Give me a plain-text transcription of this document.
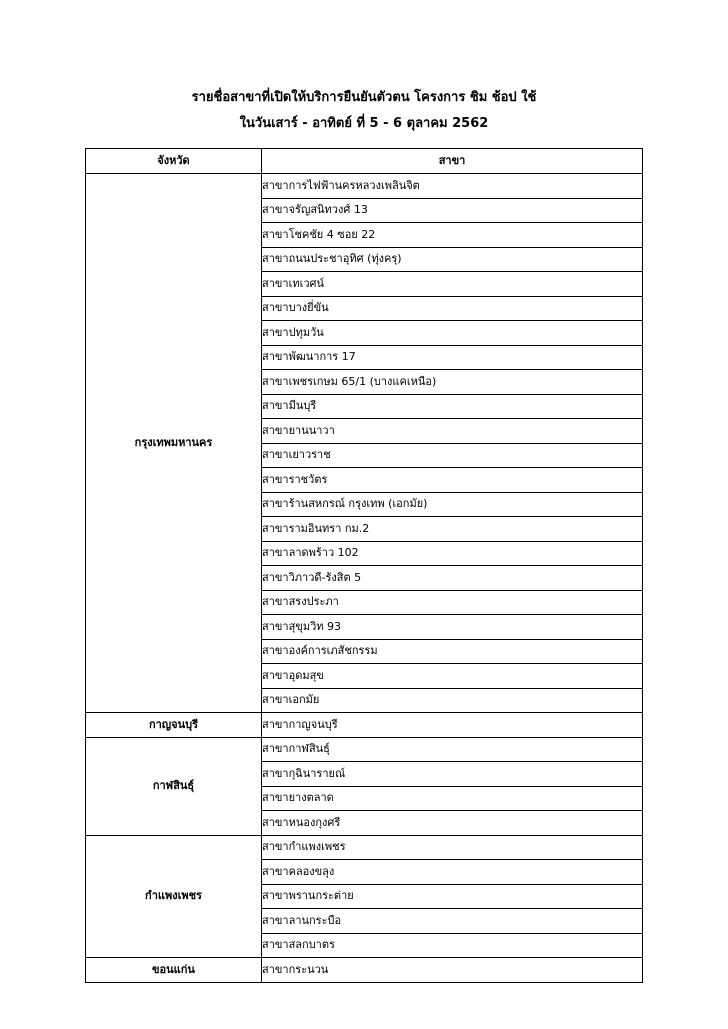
รายชื่อสาขาที่เปิดให้บริการยืนยันตัวตน โครงการ ชิม ช้อป ใช้
ในวันเสาร์ - อาทิตย์ ที่ 5 - 6 ตุลาคม 2562
จังหวัด	สาขา
กรุงเทพมหานคร	สาขาการไฟฟ้านครหลวงเพลินจิต
	สาขาจรัญสนิทวงศ์ 13
	สาขาโชคชัย 4 ซอย 22
	สาขาถนนประชาอุทิศ (ทุ่งครุ)
	สาขาเทเวศน์
	สาขาบางยี่ขัน
	สาขาปทุมวัน
	สาขาพัฒนาการ 17
	สาขาเพชรเกษม 65/1 (บางแคเหนือ)
	สาขามีนบุรี
	สาขายานนาวา
	สาขาเยาวราช
	สาขาราชวัตร
	สาขาร้านสหกรณ์ กรุงเทพ (เอกมัย)
	สาขารามอินทรา กม.2
	สาขาลาดพร้าว 102
	สาขาวิภาวดี-รังสิต 5
	สาขาสรงประภา
	สาขาสุขุมวิท 93
	สาขาองค์การเภสัชกรรม
	สาขาอุดมสุข
	สาขาเอกมัย
กาญจนบุรี	สาขากาญจนบุรี
กาฬสินธุ์	สาขากาฬสินธุ์
	สาขากุฉินารายณ์
	สาขายางตลาด
	สาขาหนองกุงศรี
กำแพงเพชร	สาขากำแพงเพชร
	สาขาคลองขลุง
	สาขาพรานกระต่าย
	สาขาลานกระบือ
	สาขาสลกบาตร
ขอนแก่น	สาขากระนวน
